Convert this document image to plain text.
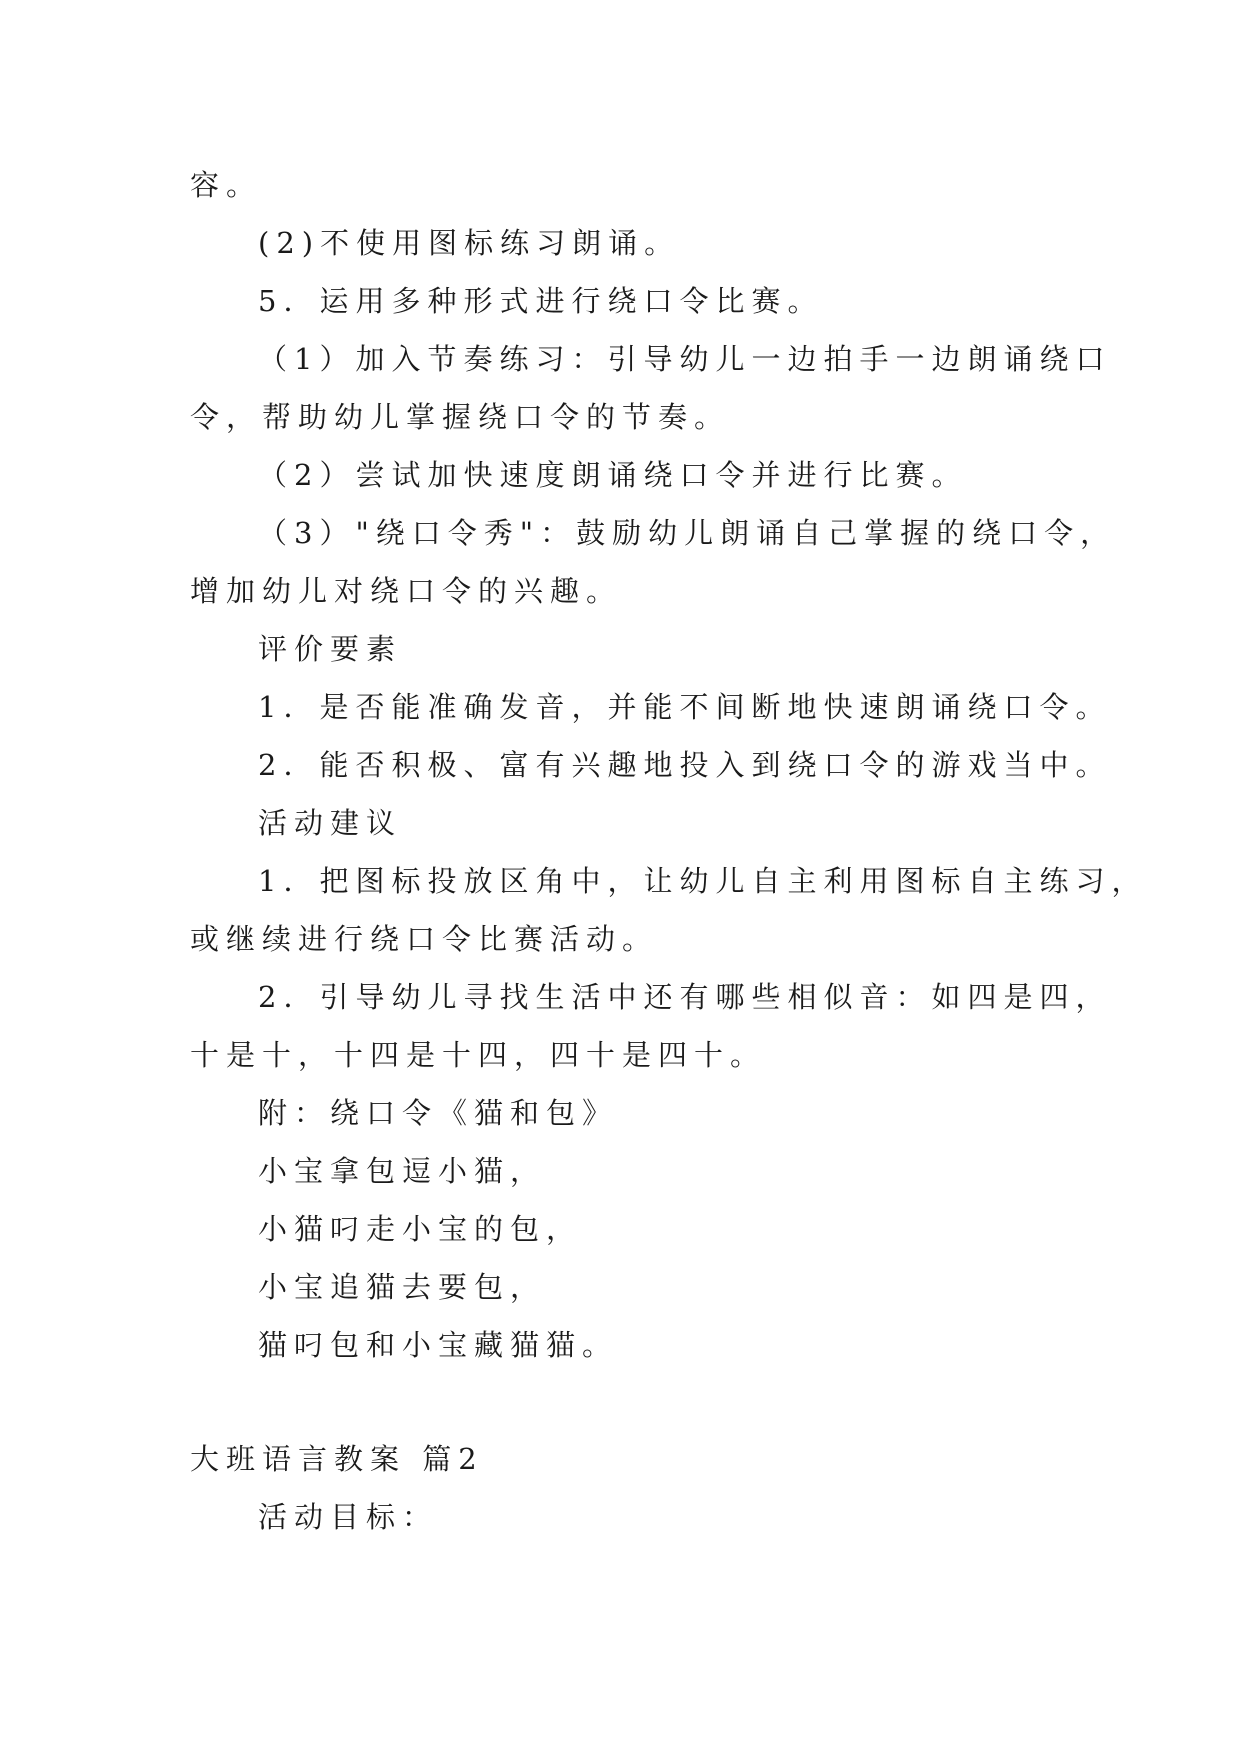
容。
(2)不使用图标练习朗诵。
5．运用多种形式进行绕口令比赛。
（1）加入节奏练习：引导幼儿一边拍手一边朗诵绕口
令，帮助幼儿掌握绕口令的节奏。
（2）尝试加快速度朗诵绕口令并进行比赛。
（3）"绕口令秀"：鼓励幼儿朗诵自己掌握的绕口令，
增加幼儿对绕口令的兴趣。
评价要素
1．是否能准确发音，并能不间断地快速朗诵绕口令。
2．能否积极、富有兴趣地投入到绕口令的游戏当中。
活动建议
1．把图标投放区角中，让幼儿自主利用图标自主练习，
或继续进行绕口令比赛活动。
2．引导幼儿寻找生活中还有哪些相似音：如四是四，
十是十，十四是十四，四十是四十。
附：绕口令《猫和包》
小宝拿包逗小猫，
小猫叼走小宝的包，
小宝追猫去要包，
猫叼包和小宝藏猫猫。
大班语言教案 篇2
活动目标：
